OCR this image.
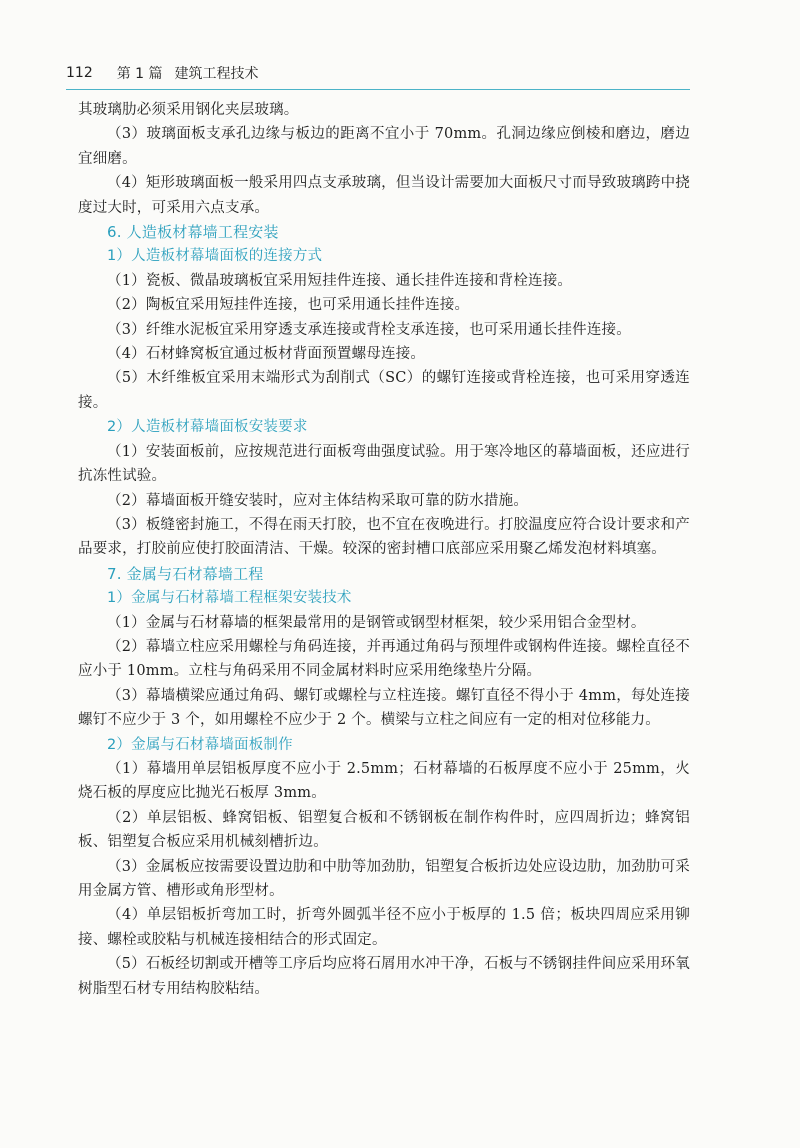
112 第 1 篇 建筑工程技术

其玻璃肋必须采用钢化夹层玻璃。

（3）玻璃面板支承孔边缘与板边的距离不宜小于 70mm。孔洞边缘应倒棱和磨边，磨边宜细磨。

（4）矩形玻璃面板一般采用四点支承玻璃，但当设计需要加大面板尺寸而导致玻璃跨中挠度过大时，可采用六点支承。

6. 人造板材幕墙工程安装
1）人造板材幕墙面板的连接方式

（1）瓷板、微晶玻璃板宜采用短挂件连接、通长挂件连接和背栓连接。

（2）陶板宜采用短挂件连接，也可采用通长挂件连接。

（3）纤维水泥板宜采用穿透支承连接或背栓支承连接，也可采用通长挂件连接。

（4）石材蜂窝板宜通过板材背面预置螺母连接。

（5）木纤维板宜采用末端形式为刮削式（SC）的螺钉连接或背栓连接，也可采用穿透连接。

2）人造板材幕墙面板安装要求

（1）安装面板前，应按规范进行面板弯曲强度试验。用于寒冷地区的幕墙面板，还应进行抗冻性试验。

（2）幕墙面板开缝安装时，应对主体结构采取可靠的防水措施。

（3）板缝密封施工，不得在雨天打胶，也不宜在夜晚进行。打胶温度应符合设计要求和产品要求，打胶前应使打胶面清洁、干燥。较深的密封槽口底部应采用聚乙烯发泡材料填塞。

7. 金属与石材幕墙工程
1）金属与石材幕墙工程框架安装技术

（1）金属与石材幕墙的框架最常用的是钢管或钢型材框架，较少采用铝合金型材。

（2）幕墙立柱应采用螺栓与角码连接，并再通过角码与预埋件或钢构件连接。螺栓直径不应小于 10mm。立柱与角码采用不同金属材料时应采用绝缘垫片分隔。

（3）幕墙横梁应通过角码、螺钉或螺栓与立柱连接。螺钉直径不得小于 4mm，每处连接螺钉不应少于 3 个，如用螺栓不应少于 2 个。横梁与立柱之间应有一定的相对位移能力。

2）金属与石材幕墙面板制作

（1）幕墙用单层铝板厚度不应小于 2.5mm；石材幕墙的石板厚度不应小于 25mm，火烧石板的厚度应比抛光石板厚 3mm。

（2）单层铝板、蜂窝铝板、铝塑复合板和不锈钢板在制作构件时，应四周折边；蜂窝铝板、铝塑复合板应采用机械刻槽折边。

（3）金属板应按需要设置边肋和中肋等加劲肋，铝塑复合板折边处应设边肋，加劲肋可采用金属方管、槽形或角形型材。

（4）单层铝板折弯加工时，折弯外圆弧半径不应小于板厚的 1.5 倍；板块四周应采用铆接、螺栓或胶粘与机械连接相结合的形式固定。

（5）石板经切割或开槽等工序后均应将石屑用水冲干净，石板与不锈钢挂件间应采用环氧树脂型石材专用结构胶粘结。
